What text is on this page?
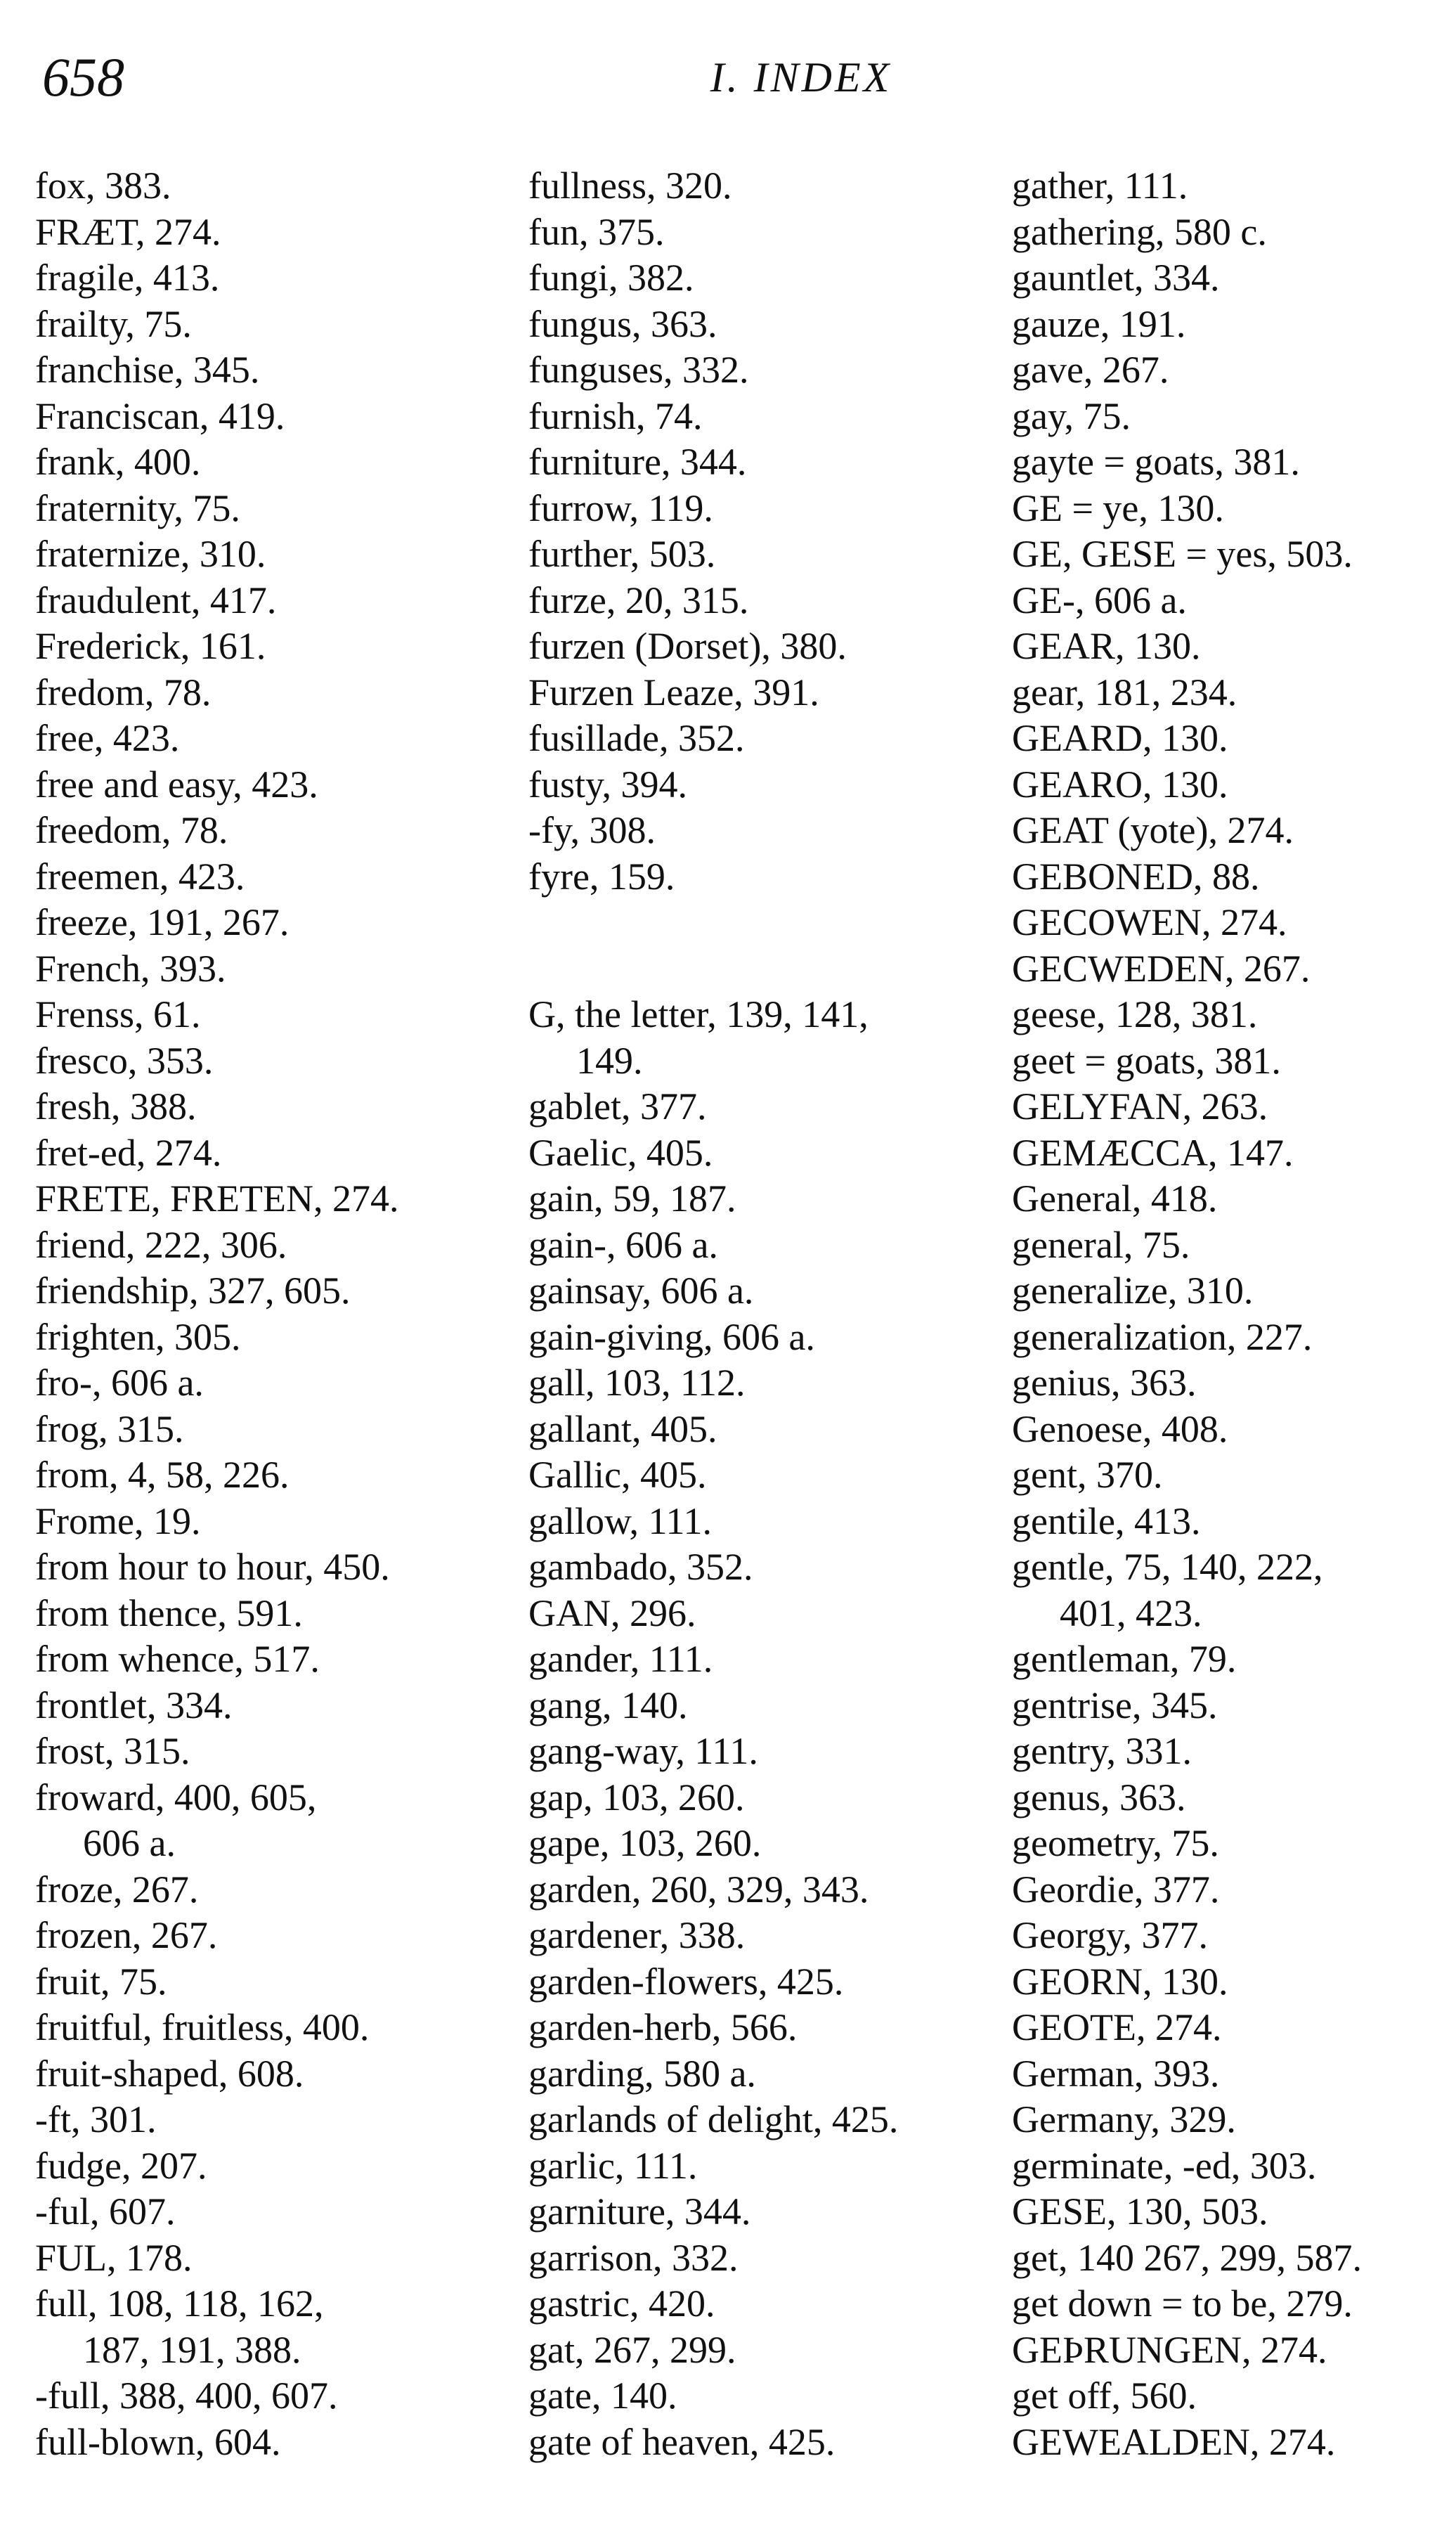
658	I. INDEX
fox, 383.
FRÆT, 274.
fragile, 413.
frailty, 75.
franchise, 345.
Franciscan, 419.
frank, 400.
fraternity, 75.
fraternize, 310.
fraudulent, 417.
Frederick, 161.
fredom, 78.
free, 423.
free and easy, 423.
freedom, 78.
freemen, 423.
freeze, 191, 267.
French, 393.
Frenss, 61.
fresco, 353.
fresh, 388.
fret-ed, 274.
FRETE, FRETEN, 274.
friend, 222, 306.
friendship, 327, 605.
frighten, 305.
fro-, 606 a.
frog, 315.
from, 4, 58, 226.
Frome, 19.
from hour to hour, 450.
from thence, 591.
from whence, 517.
frontlet, 334.
frost, 315.
froward, 400, 605,
606 a.
froze, 267.
frozen, 267.
fruit, 75.
fruitful, fruitless, 400.
fruit-shaped, 608.
-ft, 301.
fudge, 207.
-ful, 607.
FUL, 178.
full, 108, 118, 162,
187, 191, 388.
-full, 388, 400, 607.
full-blown, 604.
fullness, 320.
fun, 375.
fungi, 382.
fungus, 363.
funguses, 332.
furnish, 74.
furniture, 344.
furrow, 119.
further, 503.
furze, 20, 315.
furzen (Dorset), 380.
Furzen Leaze, 391.
fusillade, 352.
fusty, 394.
-fy, 308.
fyre, 159.
G, the letter, 139, 141,
149.
gablet, 377.
Gaelic, 405.
gain, 59, 187.
gain-, 606 a.
gainsay, 606 a.
gain-giving, 606 a.
gall, 103, 112.
gallant, 405.
Gallic, 405.
gallow, 111.
gambado, 352.
GAN, 296.
gander, 111.
gang, 140.
gang-way, 111.
gap, 103, 260.
gape, 103, 260.
garden, 260, 329, 343.
gardener, 338.
garden-flowers, 425.
garden-herb, 566.
garding, 580 a.
garlands of delight, 425.
garlic, 111.
garniture, 344.
garrison, 332.
gastric, 420.
gat, 267, 299.
gate, 140.
gate of heaven, 425.
gather, 111.
gathering, 580 c.
gauntlet, 334.
gauze, 191.
gave, 267.
gay, 75.
gayte = goats, 381.
GE = ye, 130.
GE, GESE = yes, 503.
GE-, 606 a.
GEAR, 130.
gear, 181, 234.
GEARD, 130.
GEARO, 130.
GEAT (yote), 274.
GEBONED, 88.
GECOWEN, 274.
GECWEDEN, 267.
geese, 128, 381.
geet = goats, 381.
GELYFAN, 263.
GEMÆCCA, 147.
General, 418.
general, 75.
generalize, 310.
generalization, 227.
genius, 363.
Genoese, 408.
gent, 370.
gentile, 413.
gentle, 75, 140, 222,
401, 423.
gentleman, 79.
gentrise, 345.
gentry, 331.
genus, 363.
geometry, 75.
Geordie, 377.
Georgy, 377.
GEORN, 130.
GEOTE, 274.
German, 393.
Germany, 329.
germinate, -ed, 303.
GESE, 130, 503.
get, 140 267, 299, 587.
get down = to be, 279.
GEÞRUNGEN, 274.
get off, 560.
GEWEALDEN, 274.
